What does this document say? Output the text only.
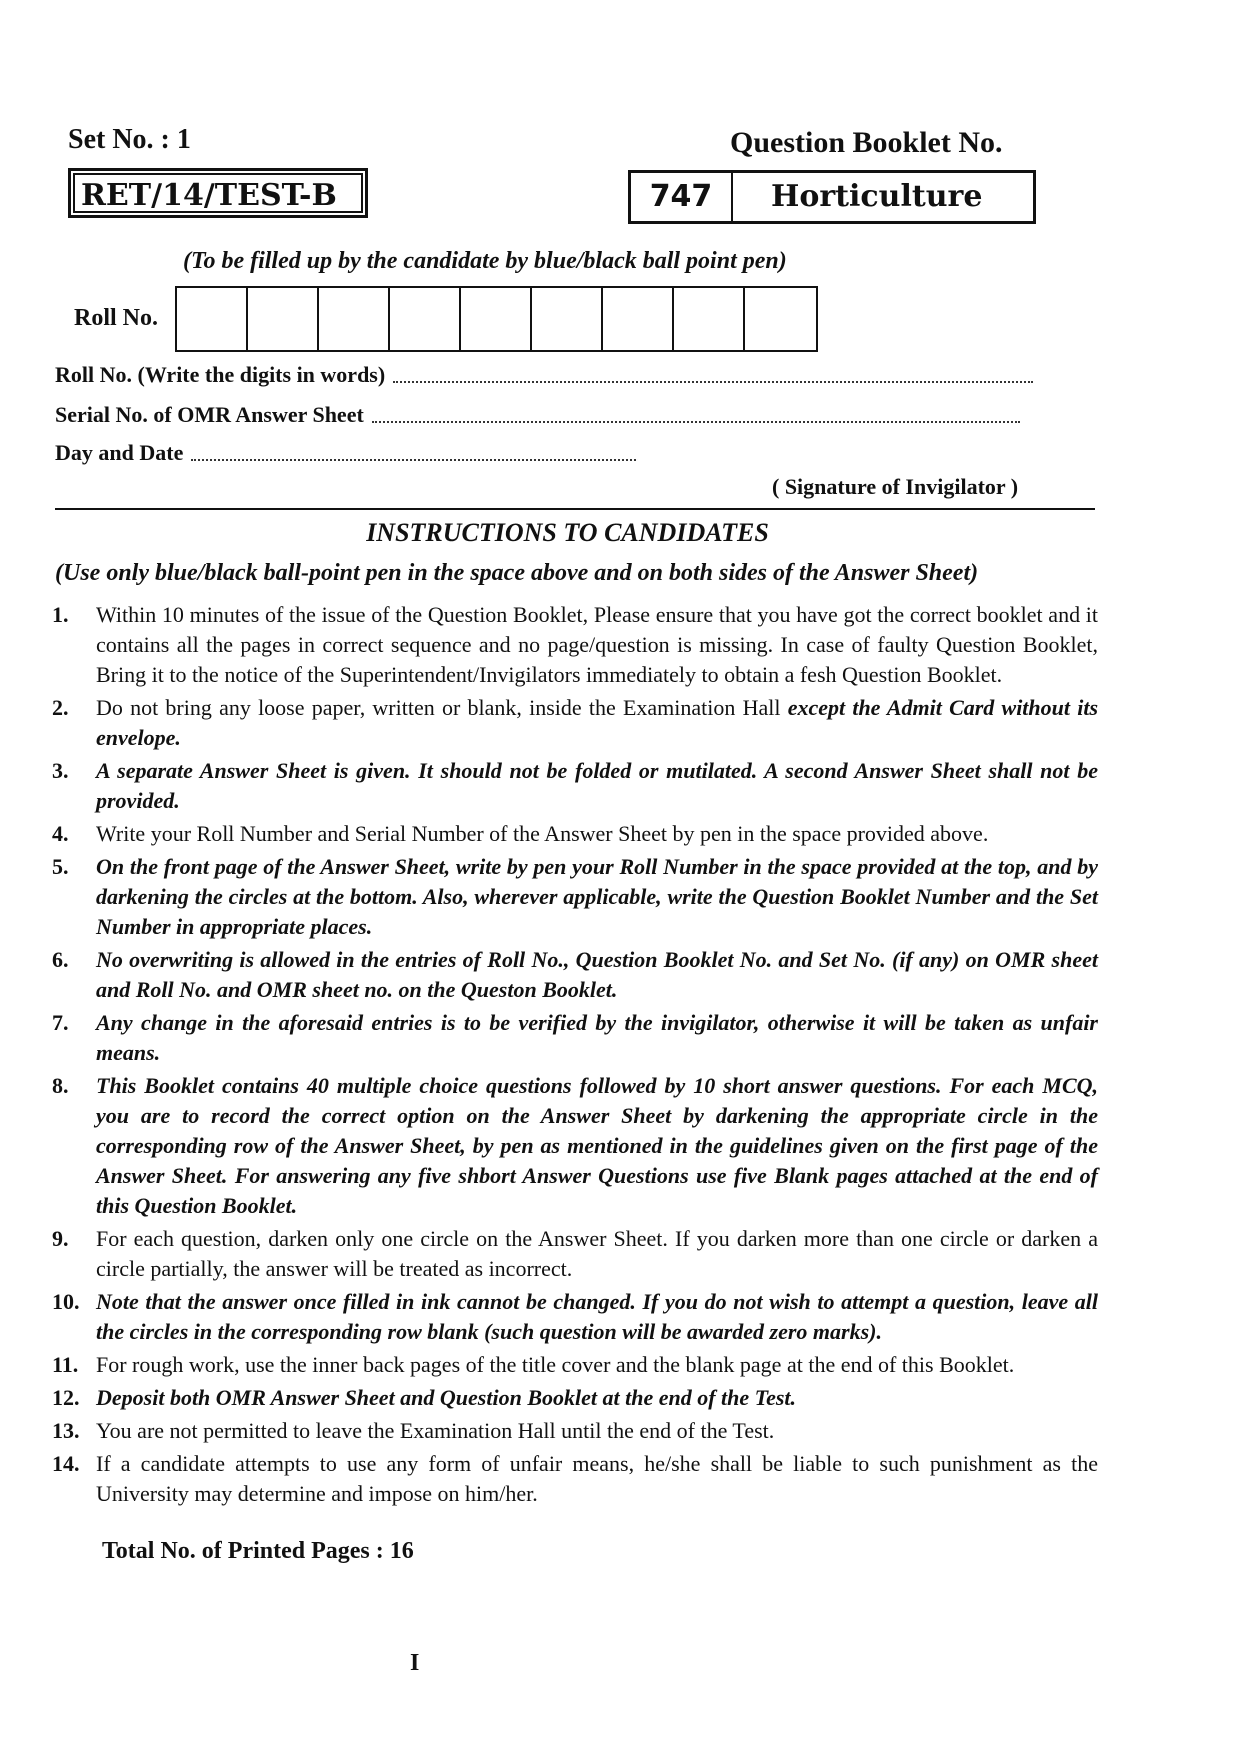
Set No. : 1
RET/14/TEST-B
Question Booklet No.
747	Horticulture
(To be filled up by the candidate by blue/black ball point pen)
Roll No.
Roll No. (Write the digits in words)
Serial No. of OMR Answer Sheet
Day and Date
( Signature of Invigilator )
INSTRUCTIONS TO CANDIDATES
(Use only blue/black ball-point pen in the space above and on both sides of the Answer Sheet)
1.	Within 10 minutes of the issue of the Question Booklet, Please ensure that you have got the correct booklet and it contains all the pages in correct sequence and no page/question is missing. In case of faulty Question Booklet, Bring it to the notice of the Superintendent/Invigilators immediately to obtain a fesh Question Booklet.
2.	Do not bring any loose paper, written or blank, inside the Examination Hall except the Admit Card without its envelope.
3.	A separate Answer Sheet is given. It should not be folded or mutilated. A second Answer Sheet shall not be provided.
4.	Write your Roll Number and Serial Number of the Answer Sheet by pen in the space provided above.
5.	On the front page of the Answer Sheet, write by pen your Roll Number in the space provided at the top, and by darkening the circles at the bottom. Also, wherever applicable, write the Question Booklet Number and the Set Number in appropriate places.
6.	No overwriting is allowed in the entries of Roll No., Question Booklet No. and Set No. (if any) on OMR sheet and Roll No. and OMR sheet no. on the Queston Booklet.
7.	Any change in the aforesaid entries is to be verified by the invigilator, otherwise it will be taken as unfair means.
8.	This Booklet contains 40 multiple choice questions followed by 10 short answer questions. For each MCQ, you are to record the correct option on the Answer Sheet by darkening the appropriate circle in the corresponding row of the Answer Sheet, by pen as mentioned in the guidelines given on the first page of the Answer Sheet. For answering any five shbort Answer Questions use five Blank pages attached at the end of this Question Booklet.
9.	For each question, darken only one circle on the Answer Sheet. If you darken more than one circle or darken a circle partially, the answer will be treated as incorrect.
10. Note that the answer once filled in ink cannot be changed. If you do not wish to attempt a question, leave all the circles in the corresponding row blank (such question will be awarded zero marks).
11. For rough work, use the inner back pages of the title cover and the blank page at the end of this Booklet.
12. Deposit both OMR Answer Sheet and Question Booklet at the end of the Test.
13. You are not permitted to leave the Examination Hall until the end of the Test.
14. If a candidate attempts to use any form of unfair means, he/she shall be liable to such punishment as the University may determine and impose on him/her.
Total No. of Printed Pages : 16
I
